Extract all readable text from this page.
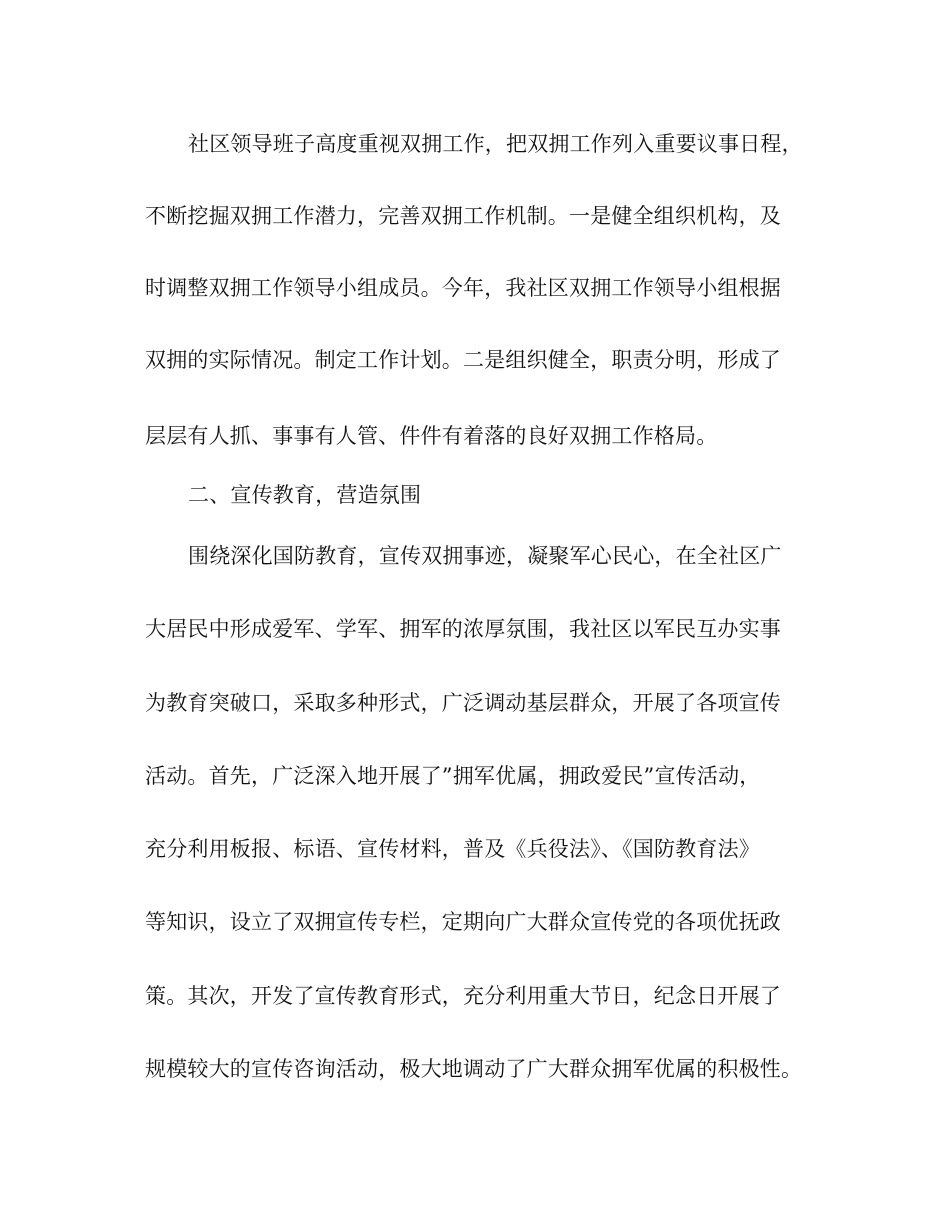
社区领导班子高度重视双拥工作，把双拥工作列入重要议事日程，
不断挖掘双拥工作潜力，完善双拥工作机制。一是健全组织机构，及
时调整双拥工作领导小组成员。今年，我社区双拥工作领导小组根据
双拥的实际情况。制定工作计划。二是组织健全，职责分明，形成了
层层有人抓、事事有人管、件件有着落的良好双拥工作格局。
二、宣传教育，营造氛围
围绕深化国防教育，宣传双拥事迹，凝聚军心民心，在全社区广
大居民中形成爱军、学军、拥军的浓厚氛围，我社区以军民互办实事
为教育突破口，采取多种形式，广泛调动基层群众，开展了各项宣传
活动。首先，广泛深入地开展了”拥军优属，拥政爱民”宣传活动，
充分利用板报、标语、宣传材料，普及《兵役法》、《国防教育法》
等知识，设立了双拥宣传专栏，定期向广大群众宣传党的各项优抚政
策。其次，开发了宣传教育形式，充分利用重大节日，纪念日开展了
规模较大的宣传咨询活动，极大地调动了广大群众拥军优属的积极性。
